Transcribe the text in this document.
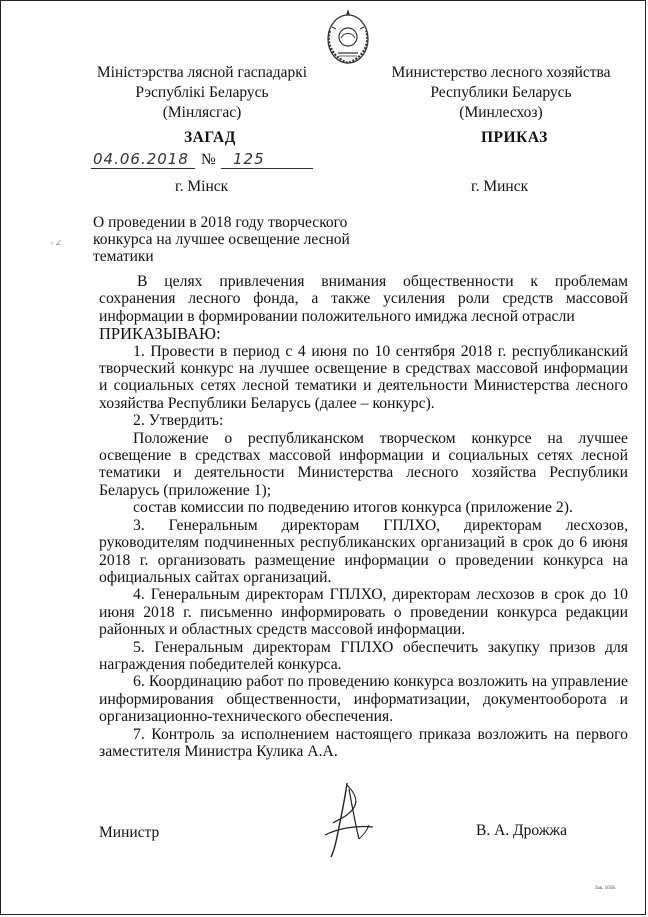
Міністэрства лясной гаспадаркі
Рэспублікі Беларусь
(Мінлясгас)
Министерство лесного хозяйства
Республики Беларусь
(Минлесхоз)
ЗАГАД	ПРИКАЗ
04.06.2018 № 125
г. Мінск	г. Минск
⸗ ∠
О проведении в 2018 году творческого конкурса на лучшее освещение лесной тематики

В целях привлечения внимания общественности к проблемам сохранения лесного фонда, а также усиления роли средств массовой информации в формировании положительного имиджа лесной отрасли

ПРИКАЗЫВАЮ:

1. Провести в период с 4 июня по 10 сентября 2018 г. республиканский творческий конкурс на лучшее освещение в средствах массовой информации и социальных сетях лесной тематики и деятельности Министерства лесного хозяйства Республики Беларусь (далее – конкурс).

2. Утвердить:

Положение о республиканском творческом конкурсе на лучшее освещение в средствах массовой информации и социальных сетях лесной тематики и деятельности Министерства лесного хозяйства Республики Беларусь (приложение 1);

состав комиссии по подведению итогов конкурса (приложение 2).

3. Генеральным директорам ГПЛХО, директорам лесхозов, руководителям подчиненных республиканских организаций в срок до 6 июня 2018 г. организовать размещение информации о проведении конкурса на официальных сайтах организаций.

4. Генеральным директорам ГПЛХО, директорам лесхозов в срок до 10 июня 2018 г. письменно информировать о проведении конкурса редакции районных и областных средств массовой информации.

5. Генеральным директорам ГПЛХО обеспечить закупку призов для награждения победителей конкурса.

6. Координацию работ по проведению конкурса возложить на управление информирования общественности, информатизации, документооборота и организационно-технического обеспечения.

7. Контроль за исполнением настоящего приказа возложить на первого заместителя Министра Кулика А.А.

Министр	В. А. Дрожжа
Зак. 1058.
